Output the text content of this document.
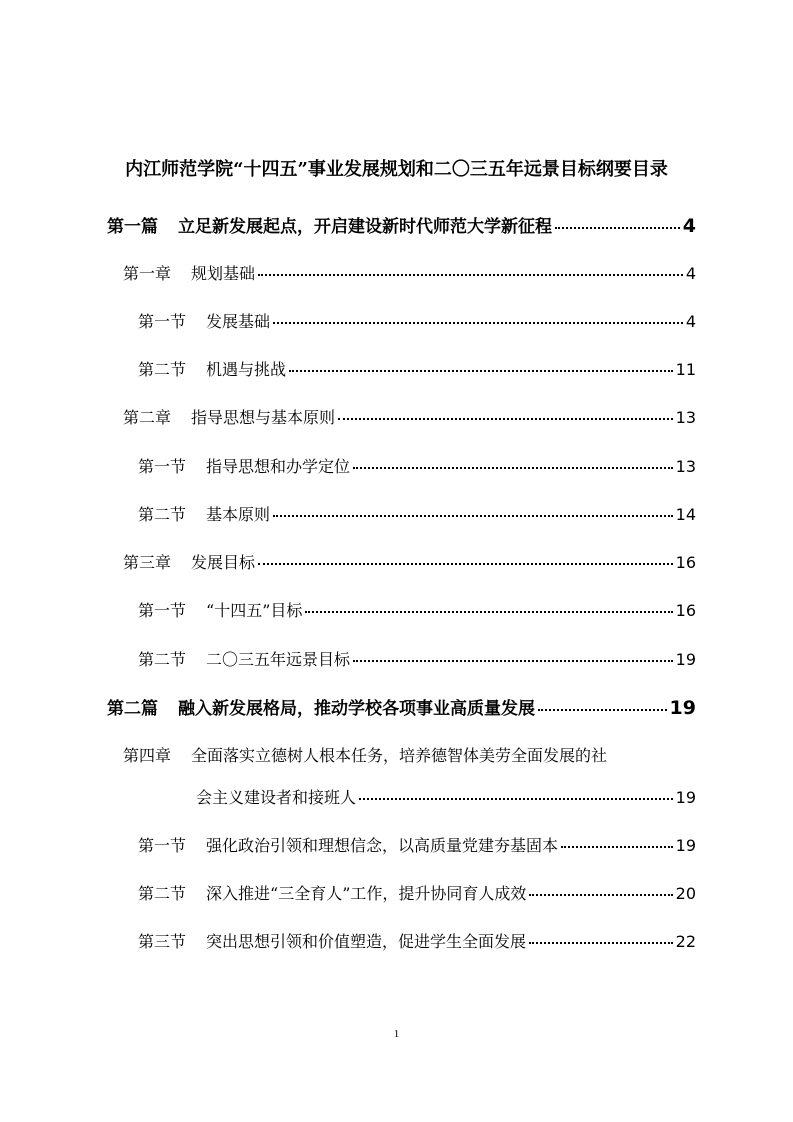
内江师范学院“十四五”事业发展规划和二〇三五年远景目标纲要目录
第一篇 立足新发展起点，开启建设新时代师范大学新征程	4
第一章 规划基础	4
第一节 发展基础	4
第二节 机遇与挑战	11
第二章 指导思想与基本原则	13
第一节 指导思想和办学定位	13
第二节 基本原则	14
第三章 发展目标	16
第一节 “十四五”目标	16
第二节 二〇三五年远景目标	19
第二篇 融入新发展格局，推动学校各项事业高质量发展	19
第四章 全面落实立德树人根本任务，培养德智体美劳全面发展的社
会主义建设者和接班人	19
第一节 强化政治引领和理想信念，以高质量党建夯基固本	19
第二节 深入推进“三全育人”工作，提升协同育人成效	20
第三节 突出思想引领和价值塑造，促进学生全面发展	22
1
